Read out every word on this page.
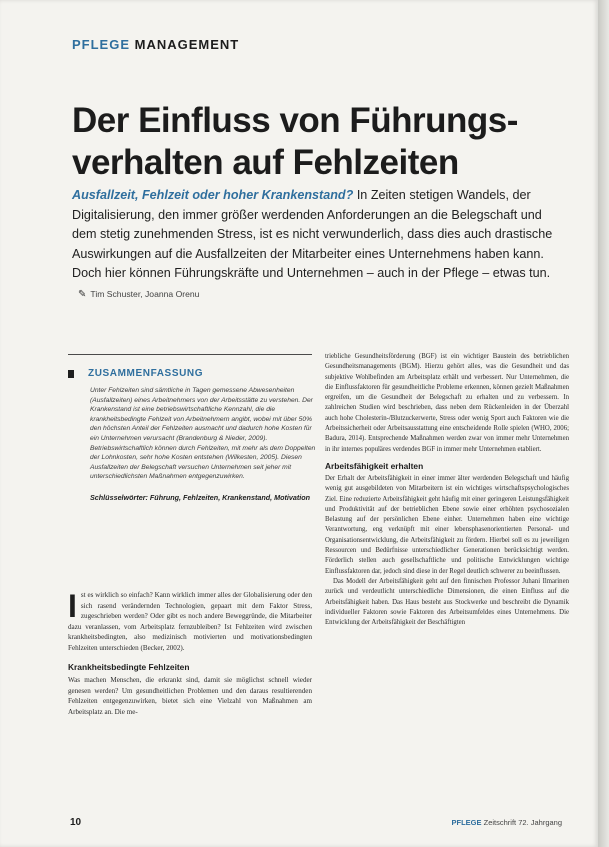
PFLEGE MANAGEMENT
Der Einfluss von Führungs-verhalten auf Fehlzeiten
Ausfallzeit, Fehlzeit oder hoher Krankenstand? In Zeiten stetigen Wandels, der Digitalisierung, den immer größer werdenden Anforderungen an die Belegschaft und dem stetig zunehmenden Stress, ist es nicht verwunderlich, dass dies auch drastische Auswirkungen auf die Ausfallzeiten der Mitarbeiter eines Unternehmens haben kann. Doch hier können Führungskräfte und Unternehmen – auch in der Pflege – etwas tun. ✎ Tim Schuster, Joanna Orenu
ZUSAMMENFASSUNG
Unter Fehlzeiten sind sämtliche in Tagen gemessene Abwesenheiten (Ausfallzeiten) eines Arbeitnehmers von der Arbeitsstätte zu verstehen. Der Krankenstand ist eine betriebswirtschaftliche Kennzahl, die die krankheitsbedingte Fehlzeit von Arbeitnehmern angibt, wobei mit über 50% den höchsten Anteil der Fehlzeiten ausmacht und dadurch hohe Kosten für ein Unternehmen verursacht (Brandenburg & Nieder, 2009). Betriebswirtschaftlich können durch Fehlzeiten, mit mehr als dem Doppelten der Lohnkosten, sehr hohe Kosten entstehen (Wilkesten, 2005). Diesen Ausfallzeiten der Belegschaft versuchen Unternehmen seit jeher mit unterschiedlichsten Maßnahmen entgegenzuwirken.
Schlüsselwörter: Führung, Fehlzeiten, Krankenstand, Motivation

I st es wirklich so einfach? Kann wirklich immer alles der Globalisierung oder den sich rasend verändernden Technologien, gepaart mit dem Faktor Stress, zugeschrieben werden? Oder gibt es noch andere Beweggründe, die Mitarbeiter dazu veranlassen, vom Arbeitsplatz fernzubleiben? Ist Fehlzeiten wird zwischen krankheitsbedingten, also medizinisch motivierten und motivationsbedingten Fehlzeiten unterschieden (Becker, 2002).

Krankheitsbedingte Fehlzeiten

Was machen Menschen, die erkrankt sind, damit sie möglichst schnell wieder genesen werden? Um gesundheitlichen Problemen und den daraus resultierenden Fehlzeiten entgegenzuwirken, bietet sich eine Vielzahl von Maßnahmen am Arbeitsplatz an. Die me-

triebliche Gesundheitsförderung (BGF) ist ein wichtiger Baustein des betrieblichen Gesundheitsmanagements (BGM). Hierzu gehört alles, was die Gesundheit und das subjektive Wohlbefinden am Arbeitsplatz erhält und verbessert. Nur Unternehmen, die die Einflussfaktoren für gesundheitliche Probleme erkennen, können gezielt Maßnahmen ergreifen, um die Gesundheit der Belegschaft zu erhalten und zu verbessern. In zahlreichen Studien wird beschrieben, dass neben dem Rückenleiden in der Überzahl auch hohe Cholesterin-/Blutzuckerwerte, Stress oder wenig Sport auch Faktoren wie die Arbeitssicherheit oder Arbeitsausstattung eine entscheidende Rolle spielen (WHO, 2006; Badura, 2014). Entsprechende Maßnahmen werden zwar von immer mehr Unternehmen in ihr internes populäres verdendes BGF in immer mehr Unternehmen etabliert.

Arbeitsfähigkeit erhalten

Der Erhalt der Arbeitsfähigkeit in einer immer älter werdenden Belegschaft und häufig wenig gut ausgebildeten von Mitarbeitern ist ein wichtiges wirtschaftspsychologisches Ziel. Eine reduzierte Arbeitsfähigkeit geht häufig mit einer geringeren Leistungsfähigkeit und Produktivität auf der betrieblichen Ebene sowie einer erhöhten psychosozialen Belastung auf der persönlichen Ebene einher. Unternehmen haben eine wichtige Verantwortung, eng verknüpft mit einer lebensphasenorientierten Personal- und Organisationsentwicklung, die Arbeitsfähigkeit zu fördern. Hierbei soll es zu jeweiligen Ressourcen und Bedürfnisse unterschiedlicher Generationen berücksichtigt werden. Förderlich stellen auch gesellschaftliche und politische Entwicklungen wichtige Einflussfaktoren dar, jedoch sind diese in der Regel deutlich schwerer zu beeinflussen.

Das Modell der Arbeitsfähigkeit geht auf den finnischen Professor Juhani Ilmarinen zurück und verdeutlicht unterschiedliche Dimensionen, die einen Einfluss auf die Arbeitsfähigkeit haben. Das Haus besteht aus Stockwerke und beschreibt die Dynamik individueller Faktoren sowie Faktoren des Arbeitsumfeldes eines Unternehmens. Die Entwicklung der Arbeitsfähigkeit der Beschäftigten

10	PFLEGE Zeitschrift 72. Jahrgang
